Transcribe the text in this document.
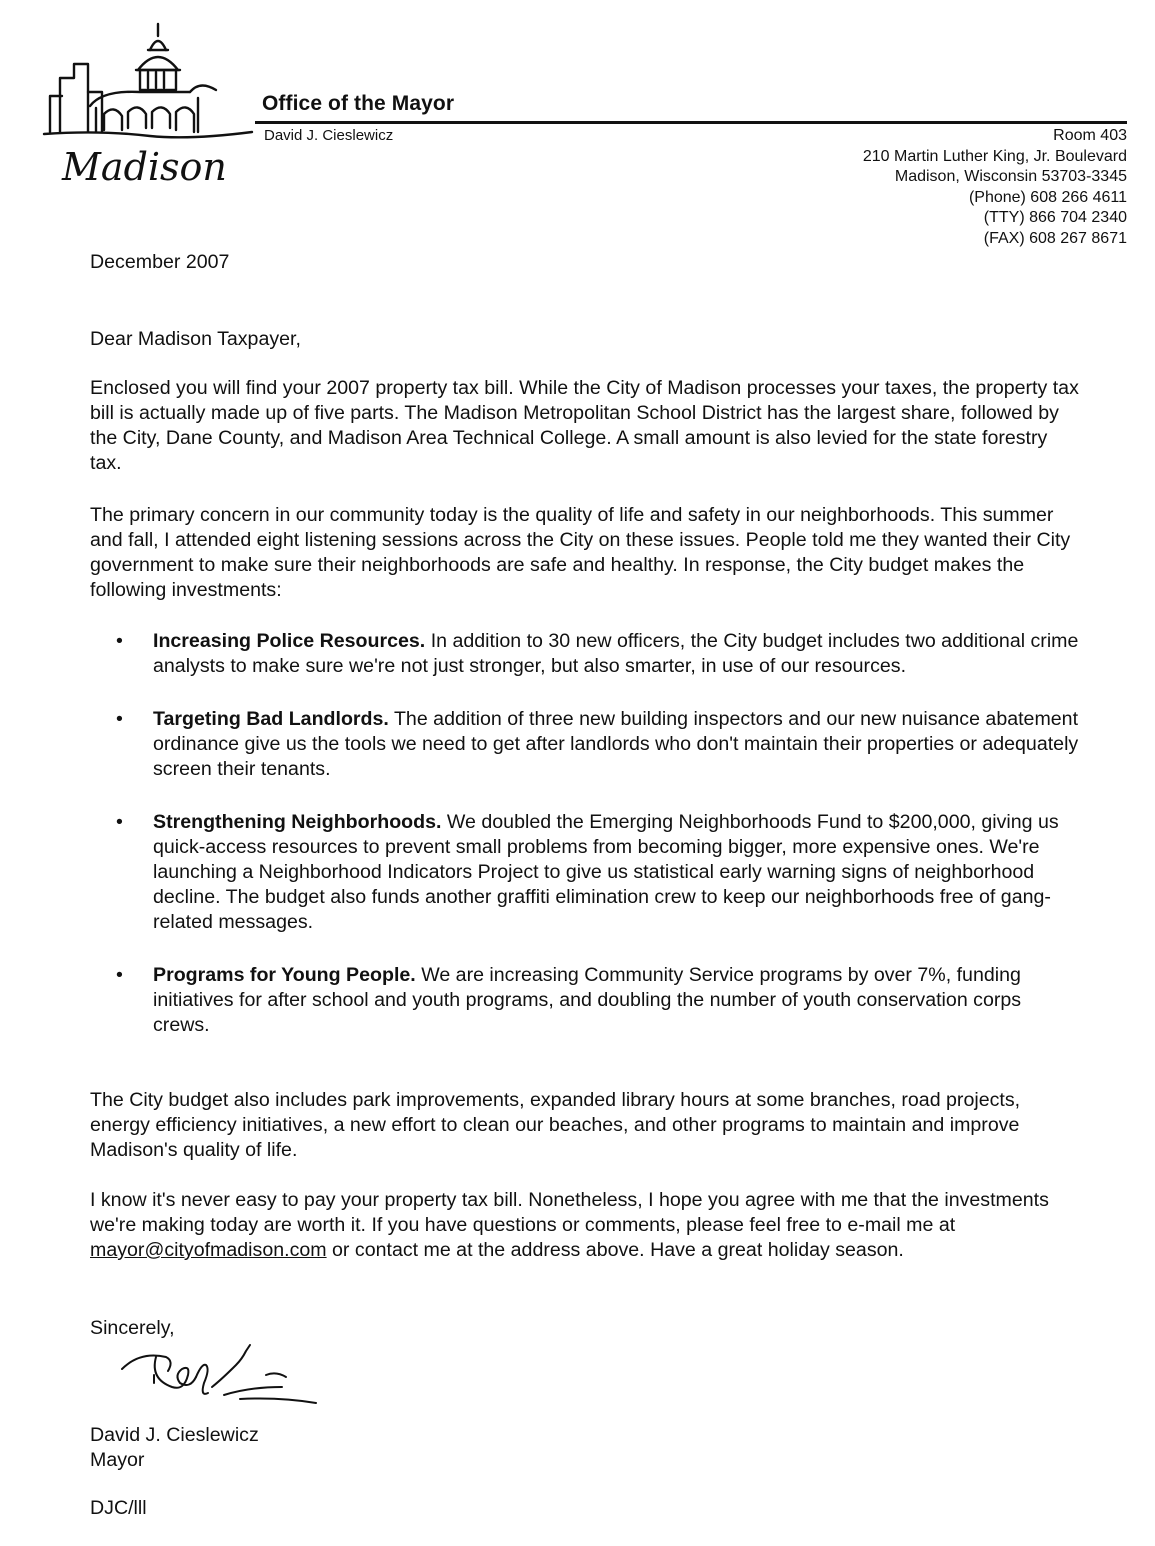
Madison
Office of the Mayor
David J. Cieslewicz	Room 403
210 Martin Luther King, Jr. Boulevard
Madison, Wisconsin 53703-3345
(Phone) 608 266 4611
(TTY) 866 704 2340
(FAX) 608 267 8671
December 2007
Dear Madison Taxpayer,
Enclosed you will find your 2007 property tax bill. While the City of Madison processes your taxes, the property tax bill is actually made up of five parts. The Madison Metropolitan School District has the largest share, followed by the City, Dane County, and Madison Area Technical College. A small amount is also levied for the state forestry tax.
The primary concern in our community today is the quality of life and safety in our neighborhoods. This summer and fall, I attended eight listening sessions across the City on these issues. People told me they wanted their City government to make sure their neighborhoods are safe and healthy. In response, the City budget makes the following investments:
• Increasing Police Resources. In addition to 30 new officers, the City budget includes two additional crime analysts to make sure we're not just stronger, but also smarter, in use of our resources.
• Targeting Bad Landlords. The addition of three new building inspectors and our new nuisance abatement ordinance give us the tools we need to get after landlords who don't maintain their properties or adequately screen their tenants.
• Strengthening Neighborhoods. We doubled the Emerging Neighborhoods Fund to $200,000, giving us quick-access resources to prevent small problems from becoming bigger, more expensive ones. We're launching a Neighborhood Indicators Project to give us statistical early warning signs of neighborhood decline. The budget also funds another graffiti elimination crew to keep our neighborhoods free of gang-related messages.
• Programs for Young People. We are increasing Community Service programs by over 7%, funding initiatives for after school and youth programs, and doubling the number of youth conservation corps crews.
The City budget also includes park improvements, expanded library hours at some branches, road projects, energy efficiency initiatives, a new effort to clean our beaches, and other programs to maintain and improve Madison's quality of life.
I know it's never easy to pay your property tax bill. Nonetheless, I hope you agree with me that the investments we're making today are worth it. If you have questions or comments, please feel free to e-mail me at mayor@cityofmadison.com or contact me at the address above. Have a great holiday season.
Sincerely,
David J. Cieslewicz
Mayor
DJC/lll
